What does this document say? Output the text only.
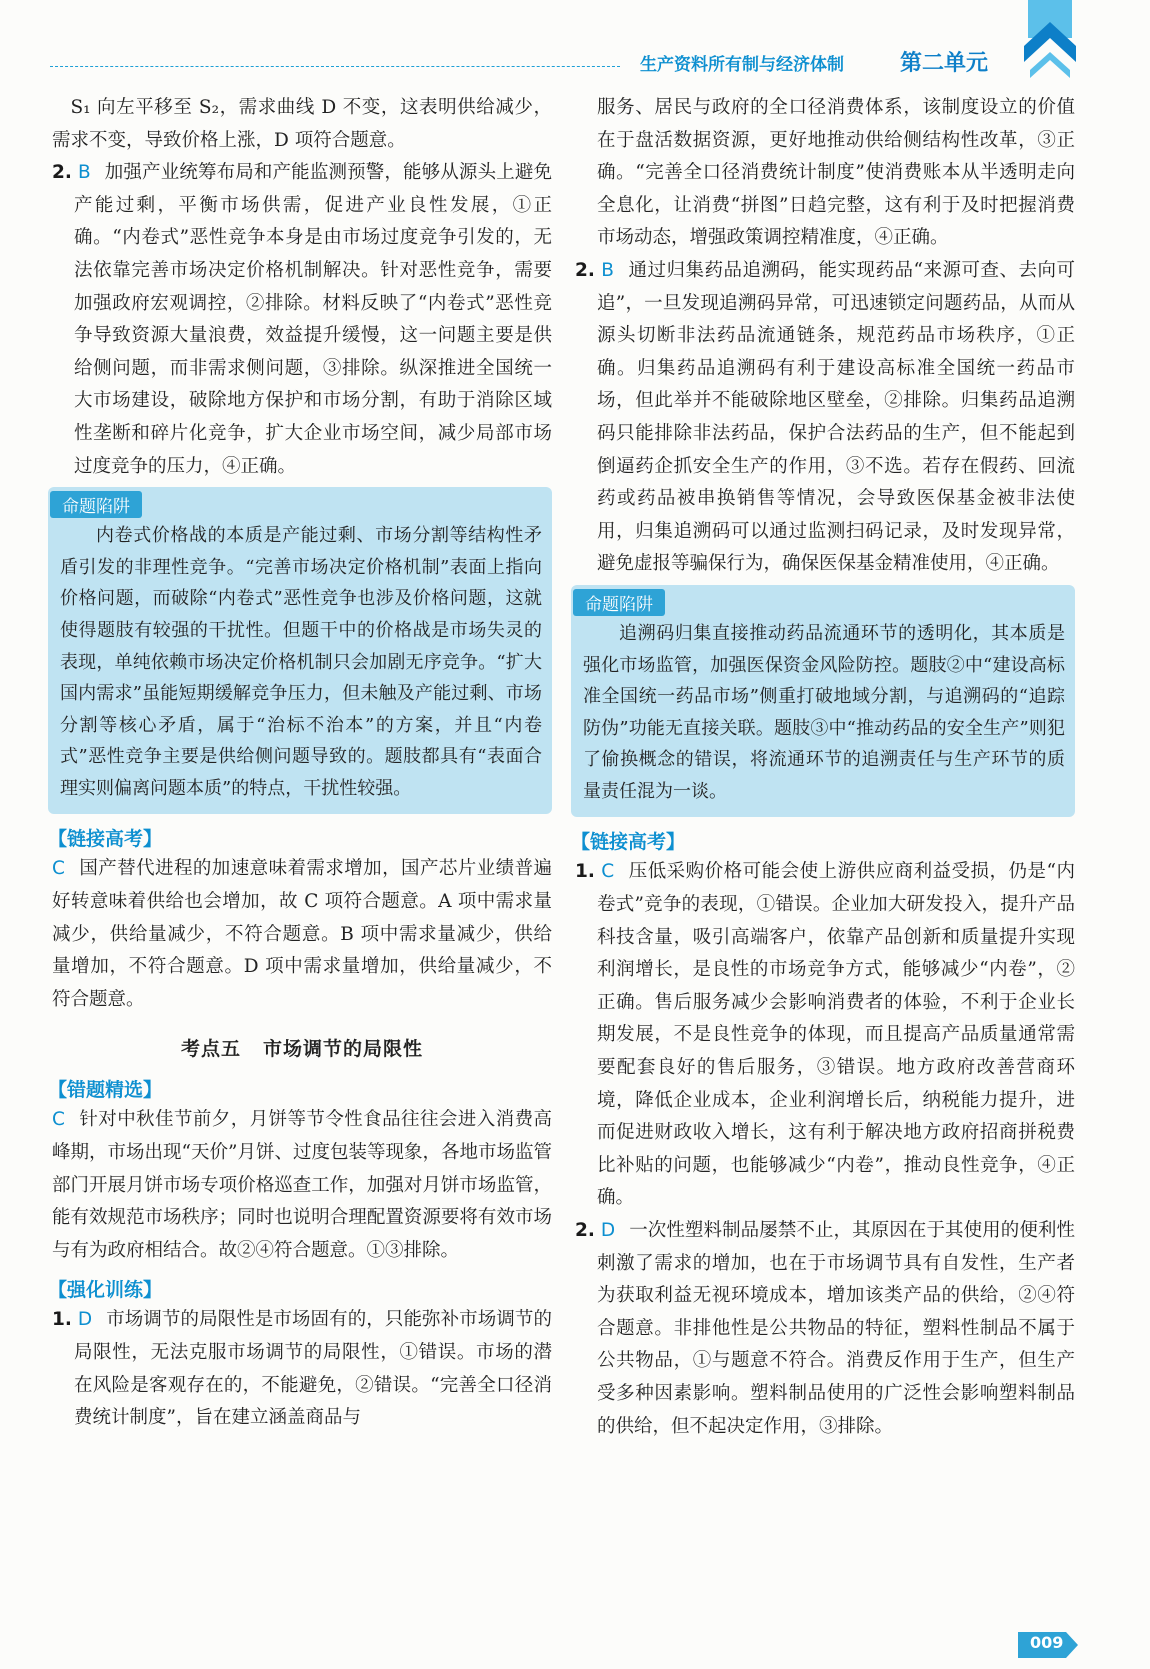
生产资料所有制与经济体制	第二单元

S₁ 向左平移至 S₂，需求曲线 D 不变，这表明供给减少，需求不变，导致价格上涨，D 项符合题意。

2. B 加强产业统筹布局和产能监测预警，能够从源头上避免产能过剩，平衡市场供需，促进产业良性发展，①正确。“内卷式”恶性竞争本身是由市场过度竞争引发的，无法依靠完善市场决定价格机制解决。针对恶性竞争，需要加强政府宏观调控，②排除。材料反映了“内卷式”恶性竞争导致资源大量浪费，效益提升缓慢，这一问题主要是供给侧问题，而非需求侧问题，③排除。纵深推进全国统一大市场建设，破除地方保护和市场分割，有助于消除区域性垄断和碎片化竞争，扩大企业市场空间，减少局部市场过度竞争的压力，④正确。

命题陷阱

内卷式价格战的本质是产能过剩、市场分割等结构性矛盾引发的非理性竞争。“完善市场决定价格机制”表面上指向价格问题，而破除“内卷式”恶性竞争也涉及价格问题，这就使得题肢有较强的干扰性。但题干中的价格战是市场失灵的表现，单纯依赖市场决定价格机制只会加剧无序竞争。“扩大国内需求”虽能短期缓解竞争压力，但未触及产能过剩、市场分割等核心矛盾，属于“治标不治本”的方案，并且“内卷式”恶性竞争主要是供给侧问题导致的。题肢都具有“表面合理实则偏离问题本质”的特点，干扰性较强。

【链接高考】

C 国产替代进程的加速意味着需求增加，国产芯片业绩普遍好转意味着供给也会增加，故 C 项符合题意。A 项中需求量减少，供给量减少，不符合题意。B 项中需求量减少，供给量增加，不符合题意。D 项中需求量增加，供给量减少，不符合题意。

考点五 市场调节的局限性
【错题精选】

C 针对中秋佳节前夕，月饼等节令性食品往往会进入消费高峰期，市场出现“天价”月饼、过度包装等现象，各地市场监管部门开展月饼市场专项价格巡查工作，加强对月饼市场监管，能有效规范市场秩序；同时也说明合理配置资源要将有效市场与有为政府相结合。故②④符合题意。①③排除。

【强化训练】

1. D 市场调节的局限性是市场固有的，只能弥补市场调节的局限性，无法克服市场调节的局限性，①错误。市场的潜在风险是客观存在的，不能避免，②错误。“完善全口径消费统计制度”，旨在建立涵盖商品与

服务、居民与政府的全口径消费体系，该制度设立的价值在于盘活数据资源，更好地推动供给侧结构性改革，③正确。“完善全口径消费统计制度”使消费账本从半透明走向全息化，让消费“拼图”日趋完整，这有利于及时把握消费市场动态，增强政策调控精准度，④正确。

2. B 通过归集药品追溯码，能实现药品“来源可查、去向可追”，一旦发现追溯码异常，可迅速锁定问题药品，从而从源头切断非法药品流通链条，规范药品市场秩序，①正确。归集药品追溯码有利于建设高标准全国统一药品市场，但此举并不能破除地区壁垒，②排除。归集药品追溯码只能排除非法药品，保护合法药品的生产，但不能起到倒逼药企抓安全生产的作用，③不选。若存在假药、回流药或药品被串换销售等情况，会导致医保基金被非法使用，归集追溯码可以通过监测扫码记录，及时发现异常，避免虚报等骗保行为，确保医保基金精准使用，④正确。

命题陷阱

追溯码归集直接推动药品流通环节的透明化，其本质是强化市场监管，加强医保资金风险防控。题肢②中“建设高标准全国统一药品市场”侧重打破地域分割，与追溯码的“追踪防伪”功能无直接关联。题肢③中“推动药品的安全生产”则犯了偷换概念的错误，将流通环节的追溯责任与生产环节的质量责任混为一谈。

【链接高考】

1. C 压低采购价格可能会使上游供应商利益受损，仍是“内卷式”竞争的表现，①错误。企业加大研发投入，提升产品科技含量，吸引高端客户，依靠产品创新和质量提升实现利润增长，是良性的市场竞争方式，能够减少“内卷”，②正确。售后服务减少会影响消费者的体验，不利于企业长期发展，不是良性竞争的体现，而且提高产品质量通常需要配套良好的售后服务，③错误。地方政府改善营商环境，降低企业成本，企业利润增长后，纳税能力提升，进而促进财政收入增长，这有利于解决地方政府招商拼税费比补贴的问题，也能够减少“内卷”，推动良性竞争，④正确。

2. D 一次性塑料制品屡禁不止，其原因在于其使用的便利性刺激了需求的增加，也在于市场调节具有自发性，生产者为获取利益无视环境成本，增加该类产品的供给，②④符合题意。非排他性是公共物品的特征，塑料性制品不属于公共物品，①与题意不符合。消费反作用于生产，但生产受多种因素影响。塑料制品使用的广泛性会影响塑料制品的供给，但不起决定作用，③排除。

009
